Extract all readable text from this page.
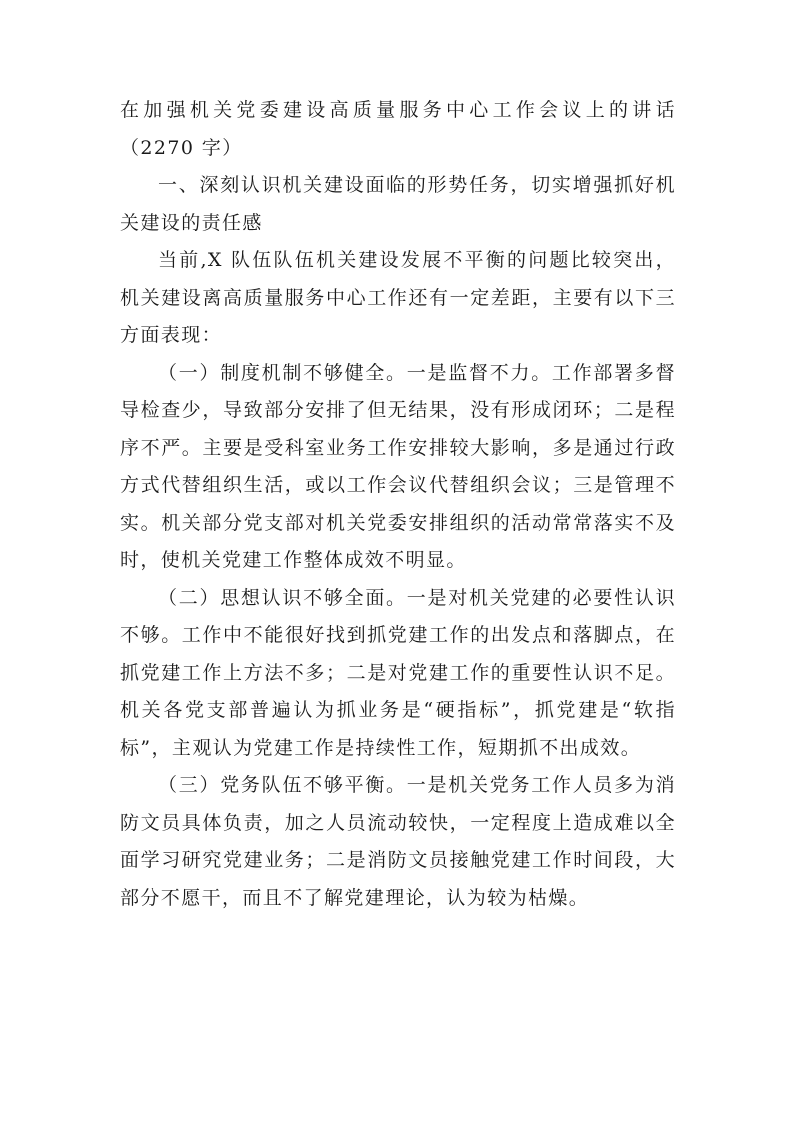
在加强机关党委建设高质量服务中心工作会议上的讲话（2270 字）

一、深刻认识机关建设面临的形势任务，切实增强抓好机关建设的责任感

当前,X 队伍队伍机关建设发展不平衡的问题比较突出，机关建设离高质量服务中心工作还有一定差距，主要有以下三方面表现：

（一）制度机制不够健全。一是监督不力。工作部署多督导检查少，导致部分安排了但无结果，没有形成闭环；二是程序不严。主要是受科室业务工作安排较大影响，多是通过行政方式代替组织生活，或以工作会议代替组织会议；三是管理不实。机关部分党支部对机关党委安排组织的活动常常落实不及时，使机关党建工作整体成效不明显。

（二）思想认识不够全面。一是对机关党建的必要性认识不够。工作中不能很好找到抓党建工作的出发点和落脚点，在抓党建工作上方法不多；二是对党建工作的重要性认识不足。机关各党支部普遍认为抓业务是“硬指标”，抓党建是“软指标”，主观认为党建工作是持续性工作，短期抓不出成效。

（三）党务队伍不够平衡。一是机关党务工作人员多为消防文员具体负责，加之人员流动较快，一定程度上造成难以全面学习研究党建业务；二是消防文员接触党建工作时间段，大部分不愿干，而且不了解党建理论，认为较为枯燥。
